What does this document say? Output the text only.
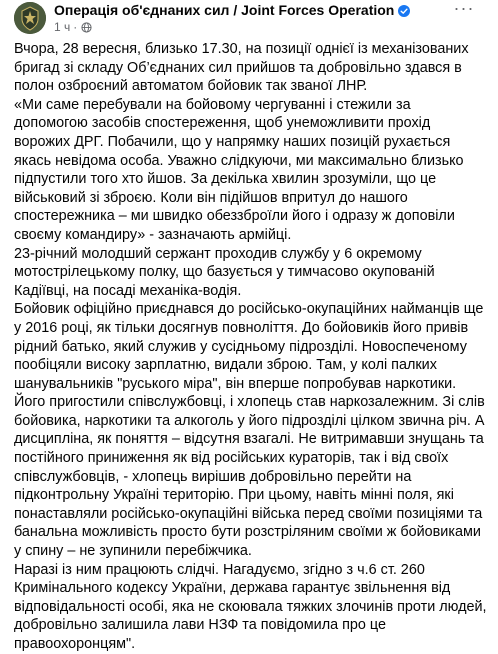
Операція об'єднаних сил / Joint Forces Operation
1 ч ·
···

Вчора, 28 вересня, близько 17.30, на позиції однієї із механізованих бригад зі складу Об’єднаних сил прийшов та добровільно здався в полон озброєний автоматом бойовик так званої ЛНР.

«Ми саме перебували на бойовому чергуванні і стежили за допомогою засобів спостереження, щоб унеможливити прохід ворожих ДРГ. Побачили, що у напрямку наших позицій рухається якась невідома особа. Уважно слідкуючи, ми максимально близько підпустили того хто йшов. За декілька хвилин зрозуміли, що це військовий зі зброєю. Коли він підійшов впритул до нашого спостережника – ми швидко обеззброїли його і одразу ж доповіли своєму командиру» - зазначають армійці.

23-річний молодший сержант проходив службу у 6 окремому мотострілецькому полку, що базується у тимчасово окупованій Кадіївці, на посаді механіка-водія.

Бойовик офіційно приєднався до російсько-окупаційних найманців ще у 2016 році, як тільки досягнув повноліття. До бойовиків його привів рідний батько, який служив у сусідньому підрозділі. Новоспеченому пообіцяли високу зарплатню, видали зброю. Там, у колі палких шанувальників "руського міра", він вперше попробував наркотики. Його пригостили співслужбовці, і хлопець став наркозалежним. Зі слів бойовика, наркотики та алкоголь у його підрозділі цілком звична річ. А дисципліна, як поняття – відсутня взагалі. Не витримавши знущань та постійного приниження як від російських кураторів, так і від своїх співслужбовців, - хлопець вирішив добровільно перейти на підконтрольну Україні територію. При цьому, навіть мінні поля, які понаставляли російсько-окупаційні війська перед своїми позиціями та банальна можливість просто бути розстріляним своїми ж бойовиками у спину – не зупинили перебіжчика.

Наразі із ним працюють слідчі. Нагадуємо, згідно з ч.6 ст. 260 Кримінального кодексу України, держава гарантує звільнення від відповідальності особі, яка не скоювала тяжких злочинів проти людей, добровільно залишила лави НЗФ та повідомила про це правоохоронцям".
